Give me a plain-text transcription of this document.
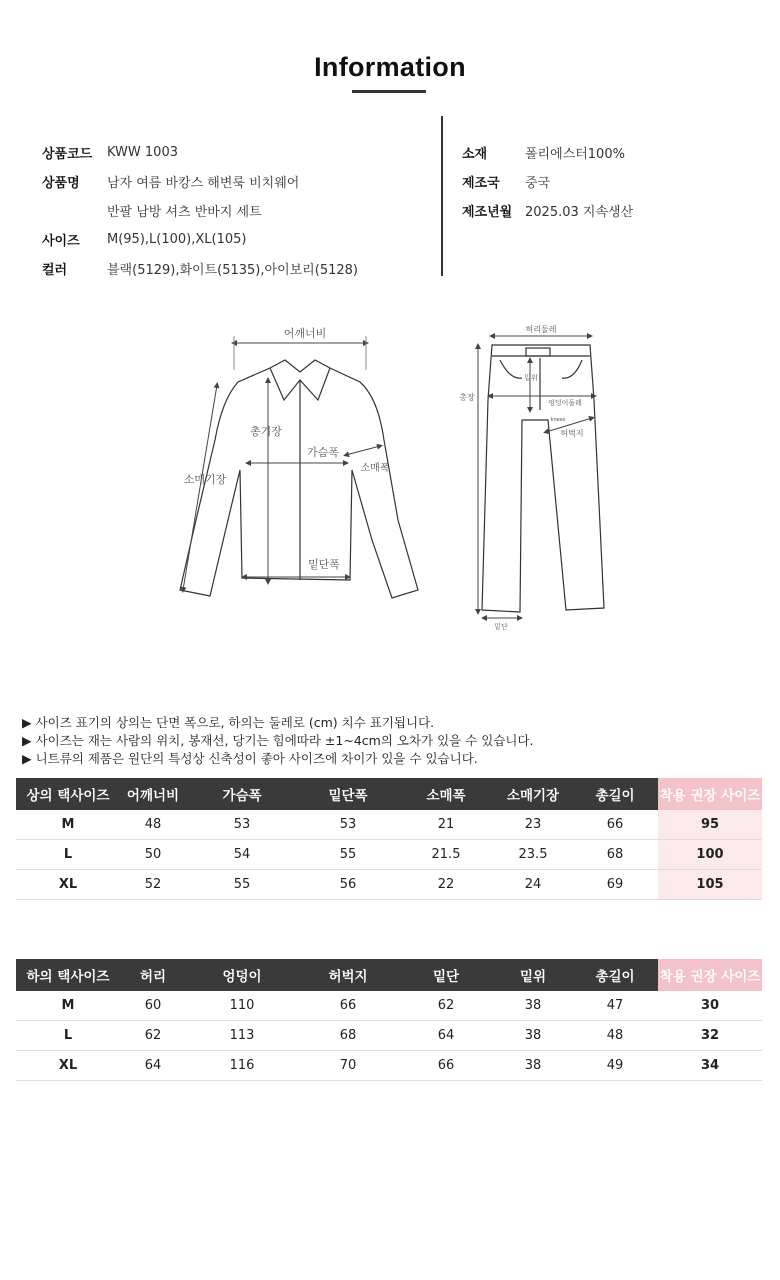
Information
상품코드	KWW 1003
상품명	남자 여름 바캉스 해변룩 비치웨어
반팔 남방 셔츠 반바지 세트
사이즈	M(95),L(100),XL(105)
컬러	블랙(5129),화이트(5135),아이보리(5128)
소재	폴리에스터100%
제조국	중국
제조년월 2025.03 지속생산
어깨너비
총기장
가슴폭
소매폭
소매기장
밑단폭
허리둘레
밑위
총장
엉덩이둘레
knees
허벅지
밑단
▶ 사이즈 표기의 상의는 단면 폭으로, 하의는 둘레로 (cm) 치수 표기됩니다.
▶ 사이즈는 재는 사람의 위치, 봉재선, 당기는 힘에따라 ±1~4cm의 오차가 있을 수 있습니다.
▶ 니트류의 제품은 원단의 특성상 신축성이 좋아 사이즈에 차이가 있을 수 있습니다.
상의 택사이즈	어깨너비	가슴폭	밑단폭	소매폭	소매기장	총길이	착용 권장 사이즈
M	48	53	53	21	23	66	95
L	50	54	55	21.5	23.5	68	100
XL	52	55	56	22	24	69	105
하의 택사이즈	허리	엉덩이	허벅지	밑단	밑위	총길이	착용 권장 사이즈
M	60	110	66	62	38	47	30
L	62	113	68	64	38	48	32
XL	64	116	70	66	38	49	34
